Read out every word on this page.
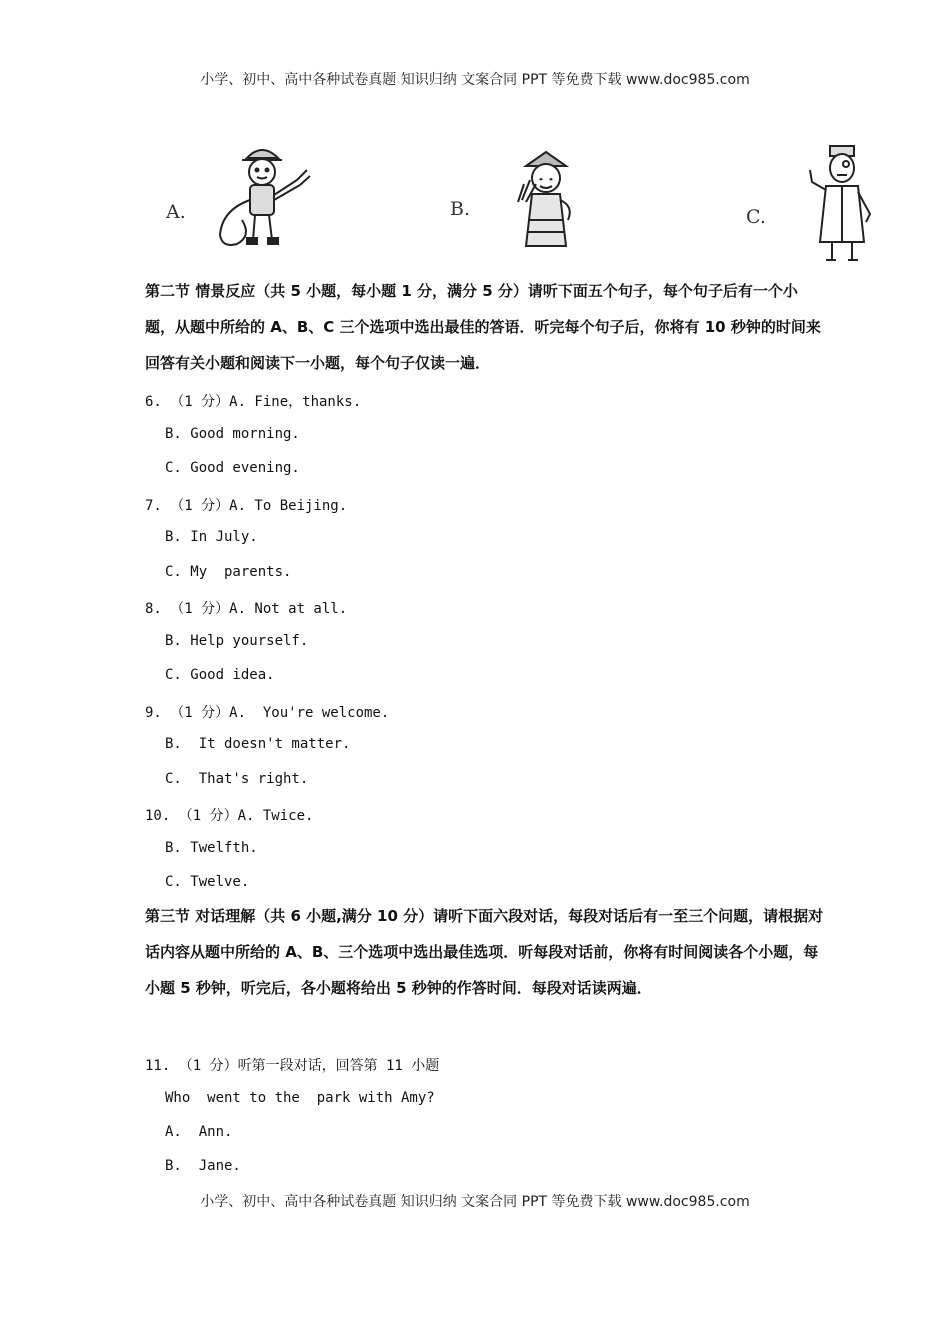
小学、初中、高中各种试卷真题 知识归纳 文案合同 PPT 等免费下载 www.doc985.com
A.	B.	C.
第二节 情景反应（共 5 小题，每小题 1 分，满分 5 分）请听下面五个句子，每个句子后有一个小题，从题中所给的 A、B、C 三个选项中选出最佳的答语．听完每个句子后，你将有 10 秒钟的时间来回答有关小题和阅读下一小题，每个句子仅读一遍．
6. （1 分）A. Fine，thanks.
B. Good morning.
C. Good evening.
7. （1 分）A. To Beijing.
B. In July.
C. My  parents.
8. （1 分）A. Not at all.
B. Help yourself.
C. Good idea.
9. （1 分）A.  You're welcome.
B.  It doesn't matter.
C.  That's right.
10. （1 分）A. Twice.
B. Twelfth.
C. Twelve.
第三节 对话理解（共 6 小题,满分 10 分）请听下面六段对话，每段对话后有一至三个问题，请根据对话内容从题中所给的 A、B、三个选项中选出最佳选项．听每段对话前，你将有时间阅读各个小题，每小题 5 秒钟，听完后，各小题将给出 5 秒钟的作答时间．每段对话读两遍．
11. （1 分）听第一段对话，回答第 11 小题
Who  went to the  park with Amy?
A.  Ann.
B.  Jane.
小学、初中、高中各种试卷真题 知识归纳 文案合同 PPT 等免费下载 www.doc985.com
